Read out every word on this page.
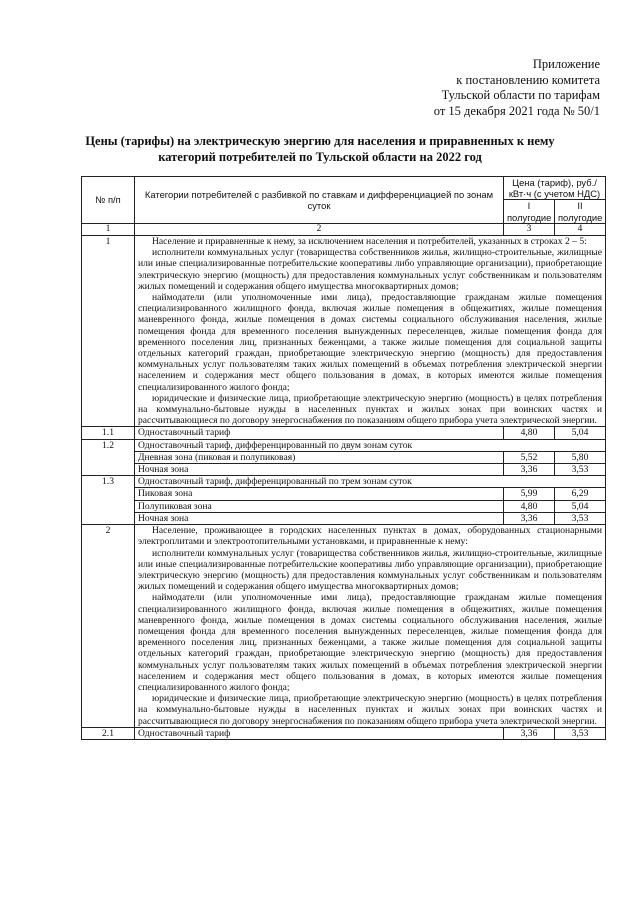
Приложение
к постановлению комитета
Тульской области по тарифам
от 15 декабря 2021 года № 50/1
Цены (тарифы) на электрическую энергию для населения и приравненных к нему
категорий потребителей по Тульской области на 2022 год
№ п/п	Категории потребителей с разбивкой по ставкам и дифференциацией по зонам суток	Цена (тариф), руб./кВт·ч (с учетом НДС)	
		I полугодие	II полугодие
1	2	3	4
1	Население и приравненные к нему, за исключением населения и потребителей, указанных в строках 2 – 5:

исполнители коммунальных услуг (товарищества собственников жилья, жилищно-строительные, жилищные или иные специализированные потребительские кооперативы либо управляющие организации), приобретающие электрическую энергию (мощность) для предоставления коммунальных услуг собственникам и пользователям жилых помещений и содержания общего имущества многоквартирных домов;

наймодатели (или уполномоченные ими лица), предоставляющие гражданам жилые помещения специализированного жилищного фонда, включая жилые помещения в общежитиях, жилые помещения маневренного фонда, жилые помещения в домах системы социального обслуживания населения, жилые помещения фонда для временного поселения вынужденных переселенцев, жилые помещения фонда для временного поселения лиц, признанных беженцами, а также жилые помещения для социальной защиты отдельных категорий граждан, приобретающие электрическую энергию (мощность) для предоставления коммунальных услуг пользователям таких жилых помещений в объемах потребления электрической энергии населением и содержания мест общего пользования в домах, в которых имеются жилые помещения специализированного жилого фонда;

юридические и физические лица, приобретающие электрическую энергию (мощность) в целях потребления на коммунально-бытовые нужды в населенных пунктах и жилых зонах при воинских частях и рассчитывающиеся по договору энергоснабжения по показаниям общего прибора учета электрической энергии.		

1.1	Одноставочный тариф	4,80	5,04
1.2	Одноставочный тариф, дифференцированный по двум зонам суток		
	Дневная зона (пиковая и полупиковая)	5,52	5,80
	Ночная зона	3,36	3,53
1.3	Одноставочный тариф, дифференцированный по трем зонам суток		
	Пиковая зона	5,99	6,29
	Полупиковая зона	4,80	5,04
	Ночная зона	3,36	3,53
2	Население, проживающее в городских населенных пунктах в домах, оборудованных стационарными электроплитами и электроотопительными установками, и приравненные к нему:

исполнители коммунальных услуг (товарищества собственников жилья, жилищно-строительные, жилищные или иные специализированные потребительские кооперативы либо управляющие организации), приобретающие электрическую энергию (мощность) для предоставления коммунальных услуг собственникам и пользователям жилых помещений и содержания общего имущества многоквартирных домов;

наймодатели (или уполномоченные ими лица), предоставляющие гражданам жилые помещения специализированного жилищного фонда, включая жилые помещения в общежитиях, жилые помещения маневренного фонда, жилые помещения в домах системы социального обслуживания населения, жилые помещения фонда для временного поселения вынужденных переселенцев, жилые помещения фонда для временного поселения лиц, признанных беженцами, а также жилые помещения для социальной защиты отдельных категорий граждан, приобретающие электрическую энергию (мощность) для предоставления коммунальных услуг пользователям таких жилых помещений в объемах потребления электрической энергии населением и содержания мест общего пользования в домах, в которых имеются жилые помещения специализированного жилого фонда;

юридические и физические лица, приобретающие электрическую энергию (мощность) в целях потребления на коммунально-бытовые нужды в населенных пунктах и жилых зонах при воинских частях и рассчитывающиеся по договору энергоснабжения по показаниям общего прибора учета электрической энергии.		

2.1	Одноставочный тариф	3,36	3,53
